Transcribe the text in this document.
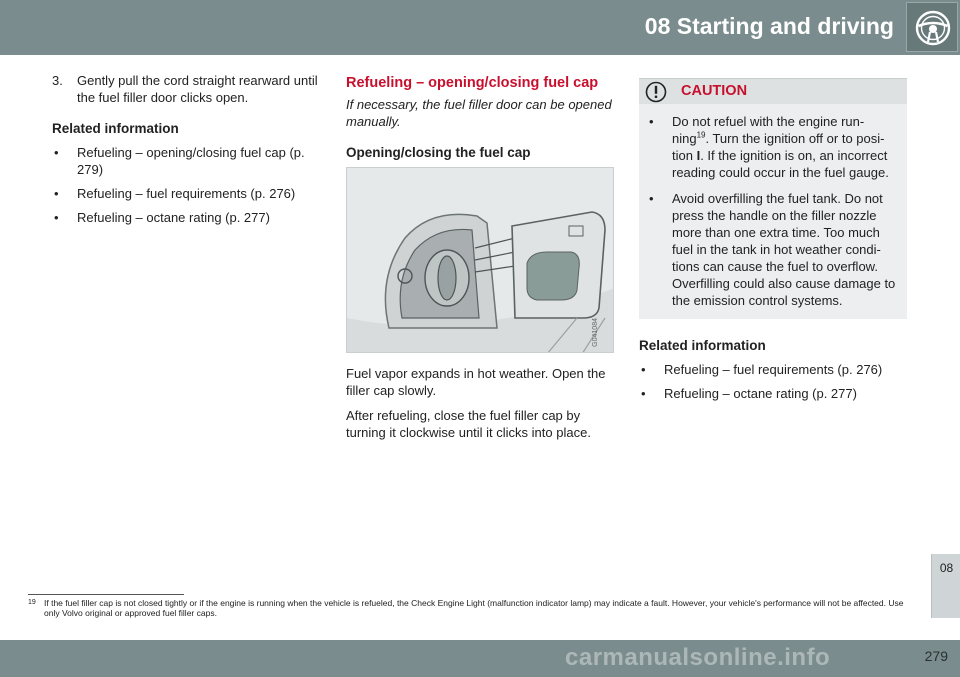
08 Starting and driving
3.	Gently pull the cord straight rearward until the fuel filler door clicks open.
Related information
•	Refueling – opening/closing fuel cap (p. 279)
•	Refueling – fuel requirements (p. 276)
•	Refueling – octane rating (p. 277)
Refueling – opening/closing fuel cap
If necessary, the fuel filler door can be opened manually.
Opening/closing the fuel cap
G041084
Fuel vapor expands in hot weather. Open the filler cap slowly.
After refueling, close the fuel filler cap by turning it clockwise until it clicks into place.
CAUTION
•	Do not refuel with the engine run-ning$^{19}$. Turn the ignition off or to posi-tion I. If the ignition is on, an incorrect reading could occur in the fuel gauge.
•	Avoid overfilling the fuel tank. Do not press the handle on the filler nozzle more than one extra time. Too much fuel in the tank in hot weather condi-tions can cause the fuel to overflow. Overfilling could also cause damage to the emission control systems.
Related information
•	Refueling – fuel requirements (p. 276)
•	Refueling – octane rating (p. 277)
08
19 If the fuel filler cap is not closed tightly or if the engine is running when the vehicle is refueled, the Check Engine Light (malfunction indicator lamp) may indicate a fault. However, your vehicle's performance will not be affected. Use only Volvo original or approved fuel filler caps.
279
carmanualsonline.info
